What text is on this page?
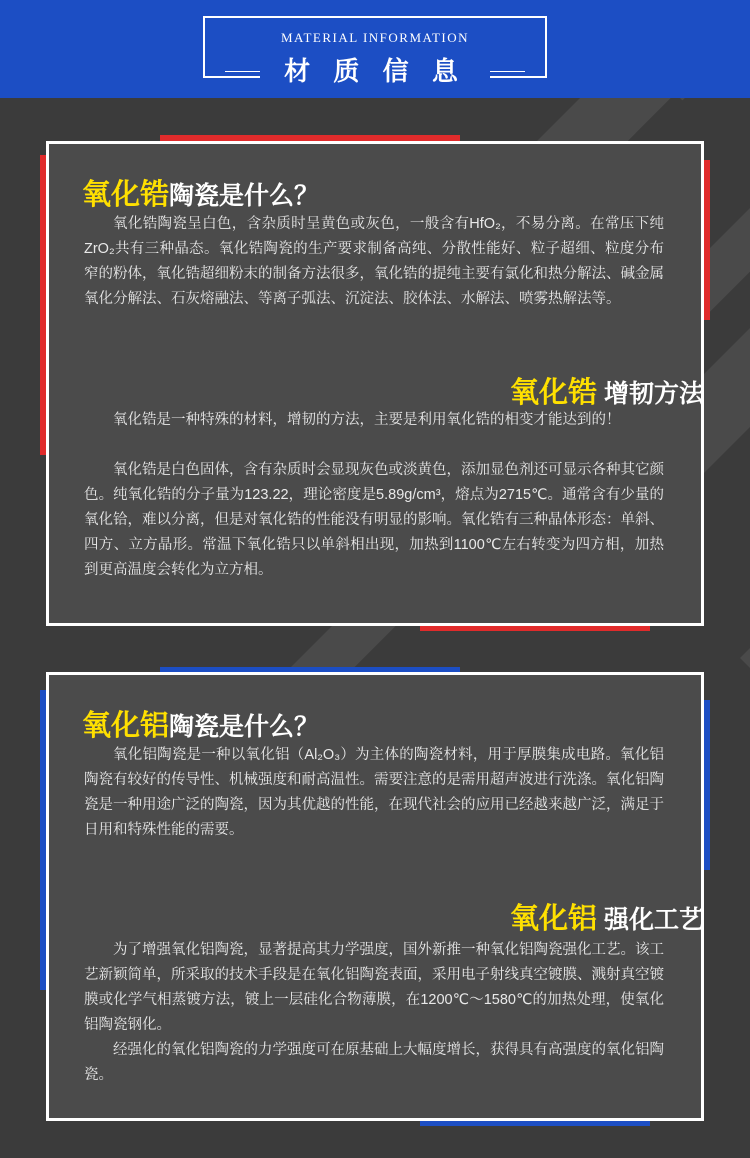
MATERIAL INFORMATION
材 质 信 息
氧化锆陶瓷是什么？
氧化锆陶瓷呈白色，含杂质时呈黄色或灰色，一般含有HfO₂，不易分离。在常压下纯ZrO₂共有三种晶态。氧化锆陶瓷的生产要求制备高纯、分散性能好、粒子超细、粒度分布窄的粉体，氧化锆超细粉末的制备方法很多，氧化锆的提纯主要有氯化和热分解法、碱金属氧化分解法、石灰熔融法、等离子弧法、沉淀法、胶体法、水解法、喷雾热解法等。
氧化锆 增韧方法
氧化锆是一种特殊的材料，增韧的方法，主要是利用氧化锆的相变才能达到的！
氧化锆是白色固体，含有杂质时会显现灰色或淡黄色，添加显色剂还可显示各种其它颜色。纯氧化锆的分子量为123.22，理论密度是5.89g/cm³，熔点为2715℃。通常含有少量的氧化铪，难以分离，但是对氧化锆的性能没有明显的影响。氧化锆有三种晶体形态：单斜、四方、立方晶形。常温下氧化锆只以单斜相出现，加热到1100℃左右转变为四方相，加热到更高温度会转化为立方相。
氧化铝陶瓷是什么？
氧化铝陶瓷是一种以氧化铝（Al₂O₃）为主体的陶瓷材料，用于厚膜集成电路。氧化铝陶瓷有较好的传导性、机械强度和耐高温性。需要注意的是需用超声波进行洗涤。氧化铝陶瓷是一种用途广泛的陶瓷，因为其优越的性能，在现代社会的应用已经越来越广泛，满足于日用和特殊性能的需要。
氧化铝 强化工艺
为了增强氧化铝陶瓷，显著提高其力学强度，国外新推一种氧化铝陶瓷强化工艺。该工艺新颖简单，所采取的技术手段是在氧化铝陶瓷表面，采用电子射线真空镀膜、溅射真空镀膜或化学气相蒸镀方法，镀上一层硅化合物薄膜，在1200℃～1580℃的加热处理，使氧化铝陶瓷钢化。
经强化的氧化铝陶瓷的力学强度可在原基础上大幅度增长，获得具有高强度的氧化铝陶瓷。
